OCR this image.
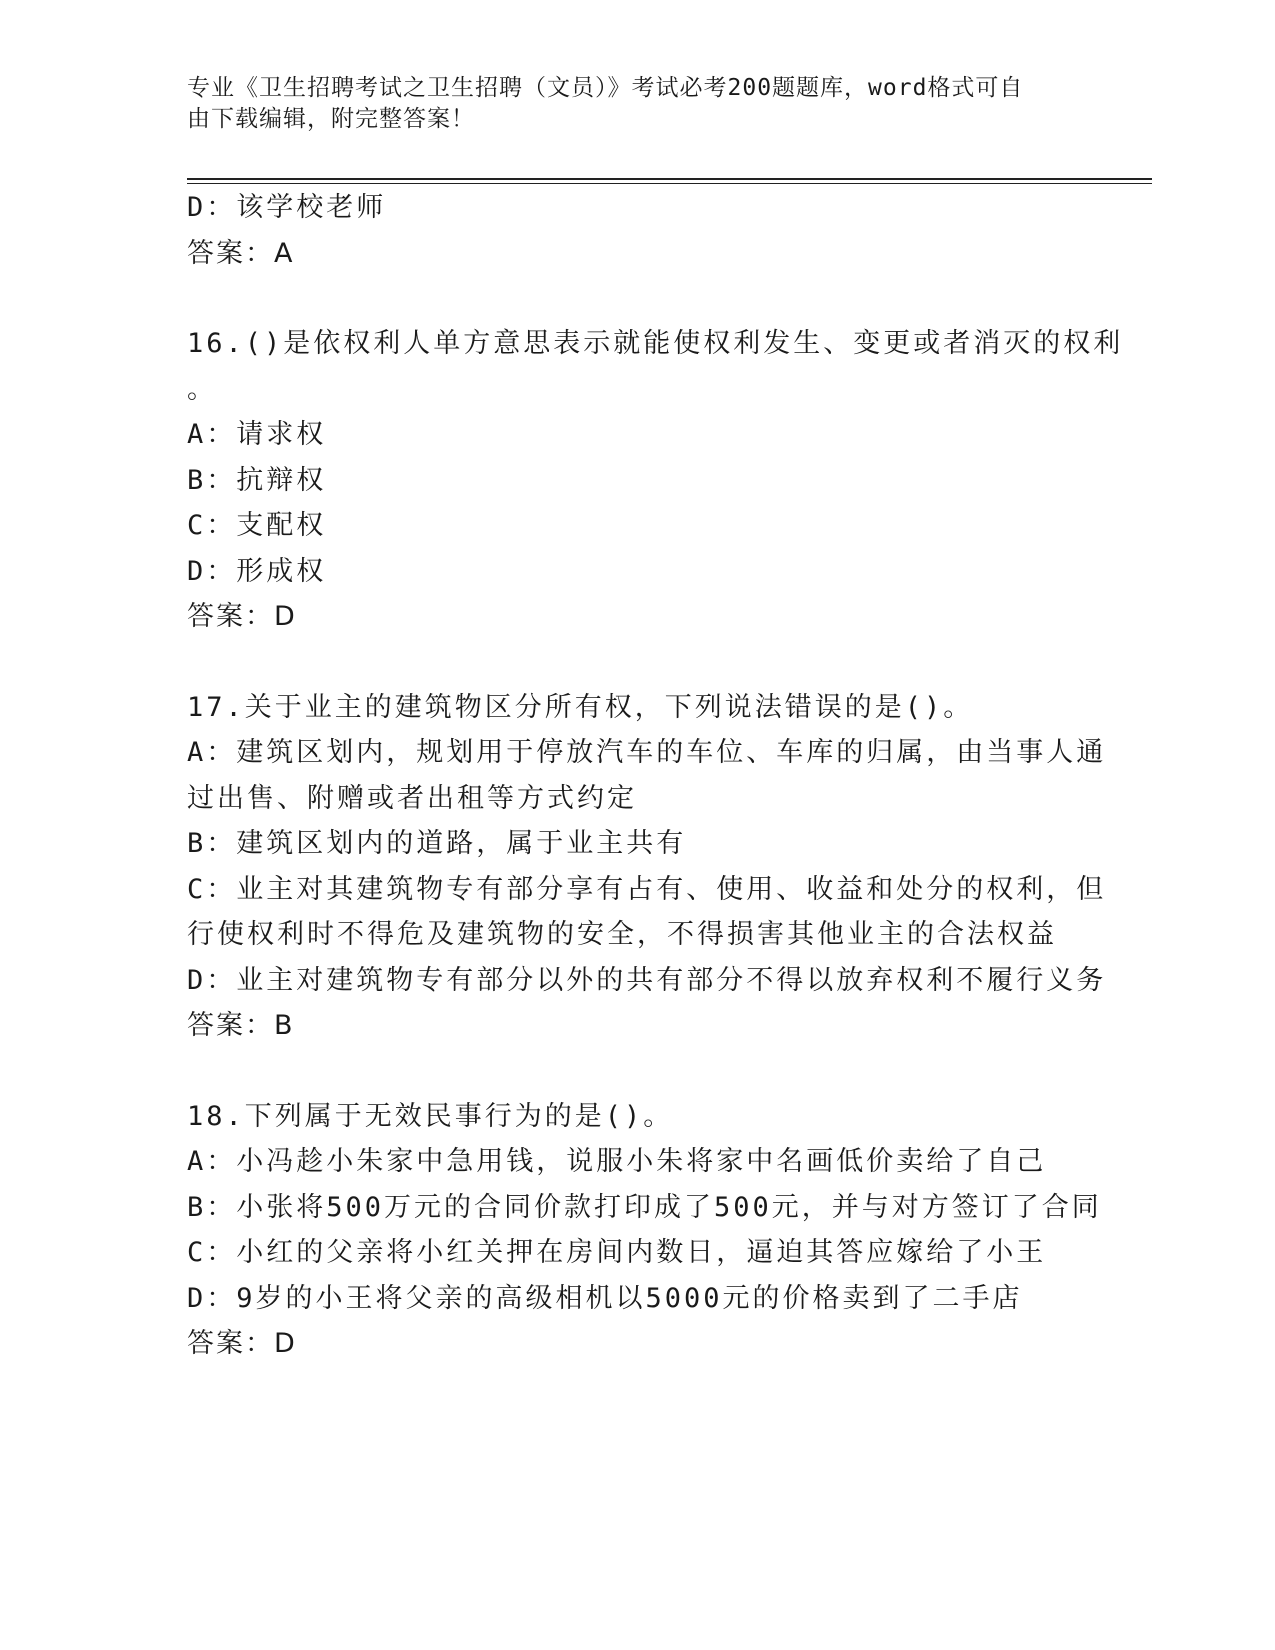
专业《卫生招聘考试之卫生招聘（文员）》考试必考200题题库，word格式可自
由下载编辑，附完整答案！
D：该学校老师
答案：A
16.()是依权利人单方意思表示就能使权利发生、变更或者消灭的权利
。
A：请求权
B：抗辩权
C：支配权
D：形成权
答案：D
17.关于业主的建筑物区分所有权，下列说法错误的是()。
A：建筑区划内，规划用于停放汽车的车位、车库的归属，由当事人通
过出售、附赠或者出租等方式约定
B：建筑区划内的道路，属于业主共有
C：业主对其建筑物专有部分享有占有、使用、收益和处分的权利，但
行使权利时不得危及建筑物的安全，不得损害其他业主的合法权益
D：业主对建筑物专有部分以外的共有部分不得以放弃权利不履行义务
答案：B
18.下列属于无效民事行为的是()。
A：小冯趁小朱家中急用钱，说服小朱将家中名画低价卖给了自己
B：小张将500万元的合同价款打印成了500元，并与对方签订了合同
C：小红的父亲将小红关押在房间内数日，逼迫其答应嫁给了小王
D：9岁的小王将父亲的高级相机以5000元的价格卖到了二手店
答案：D
